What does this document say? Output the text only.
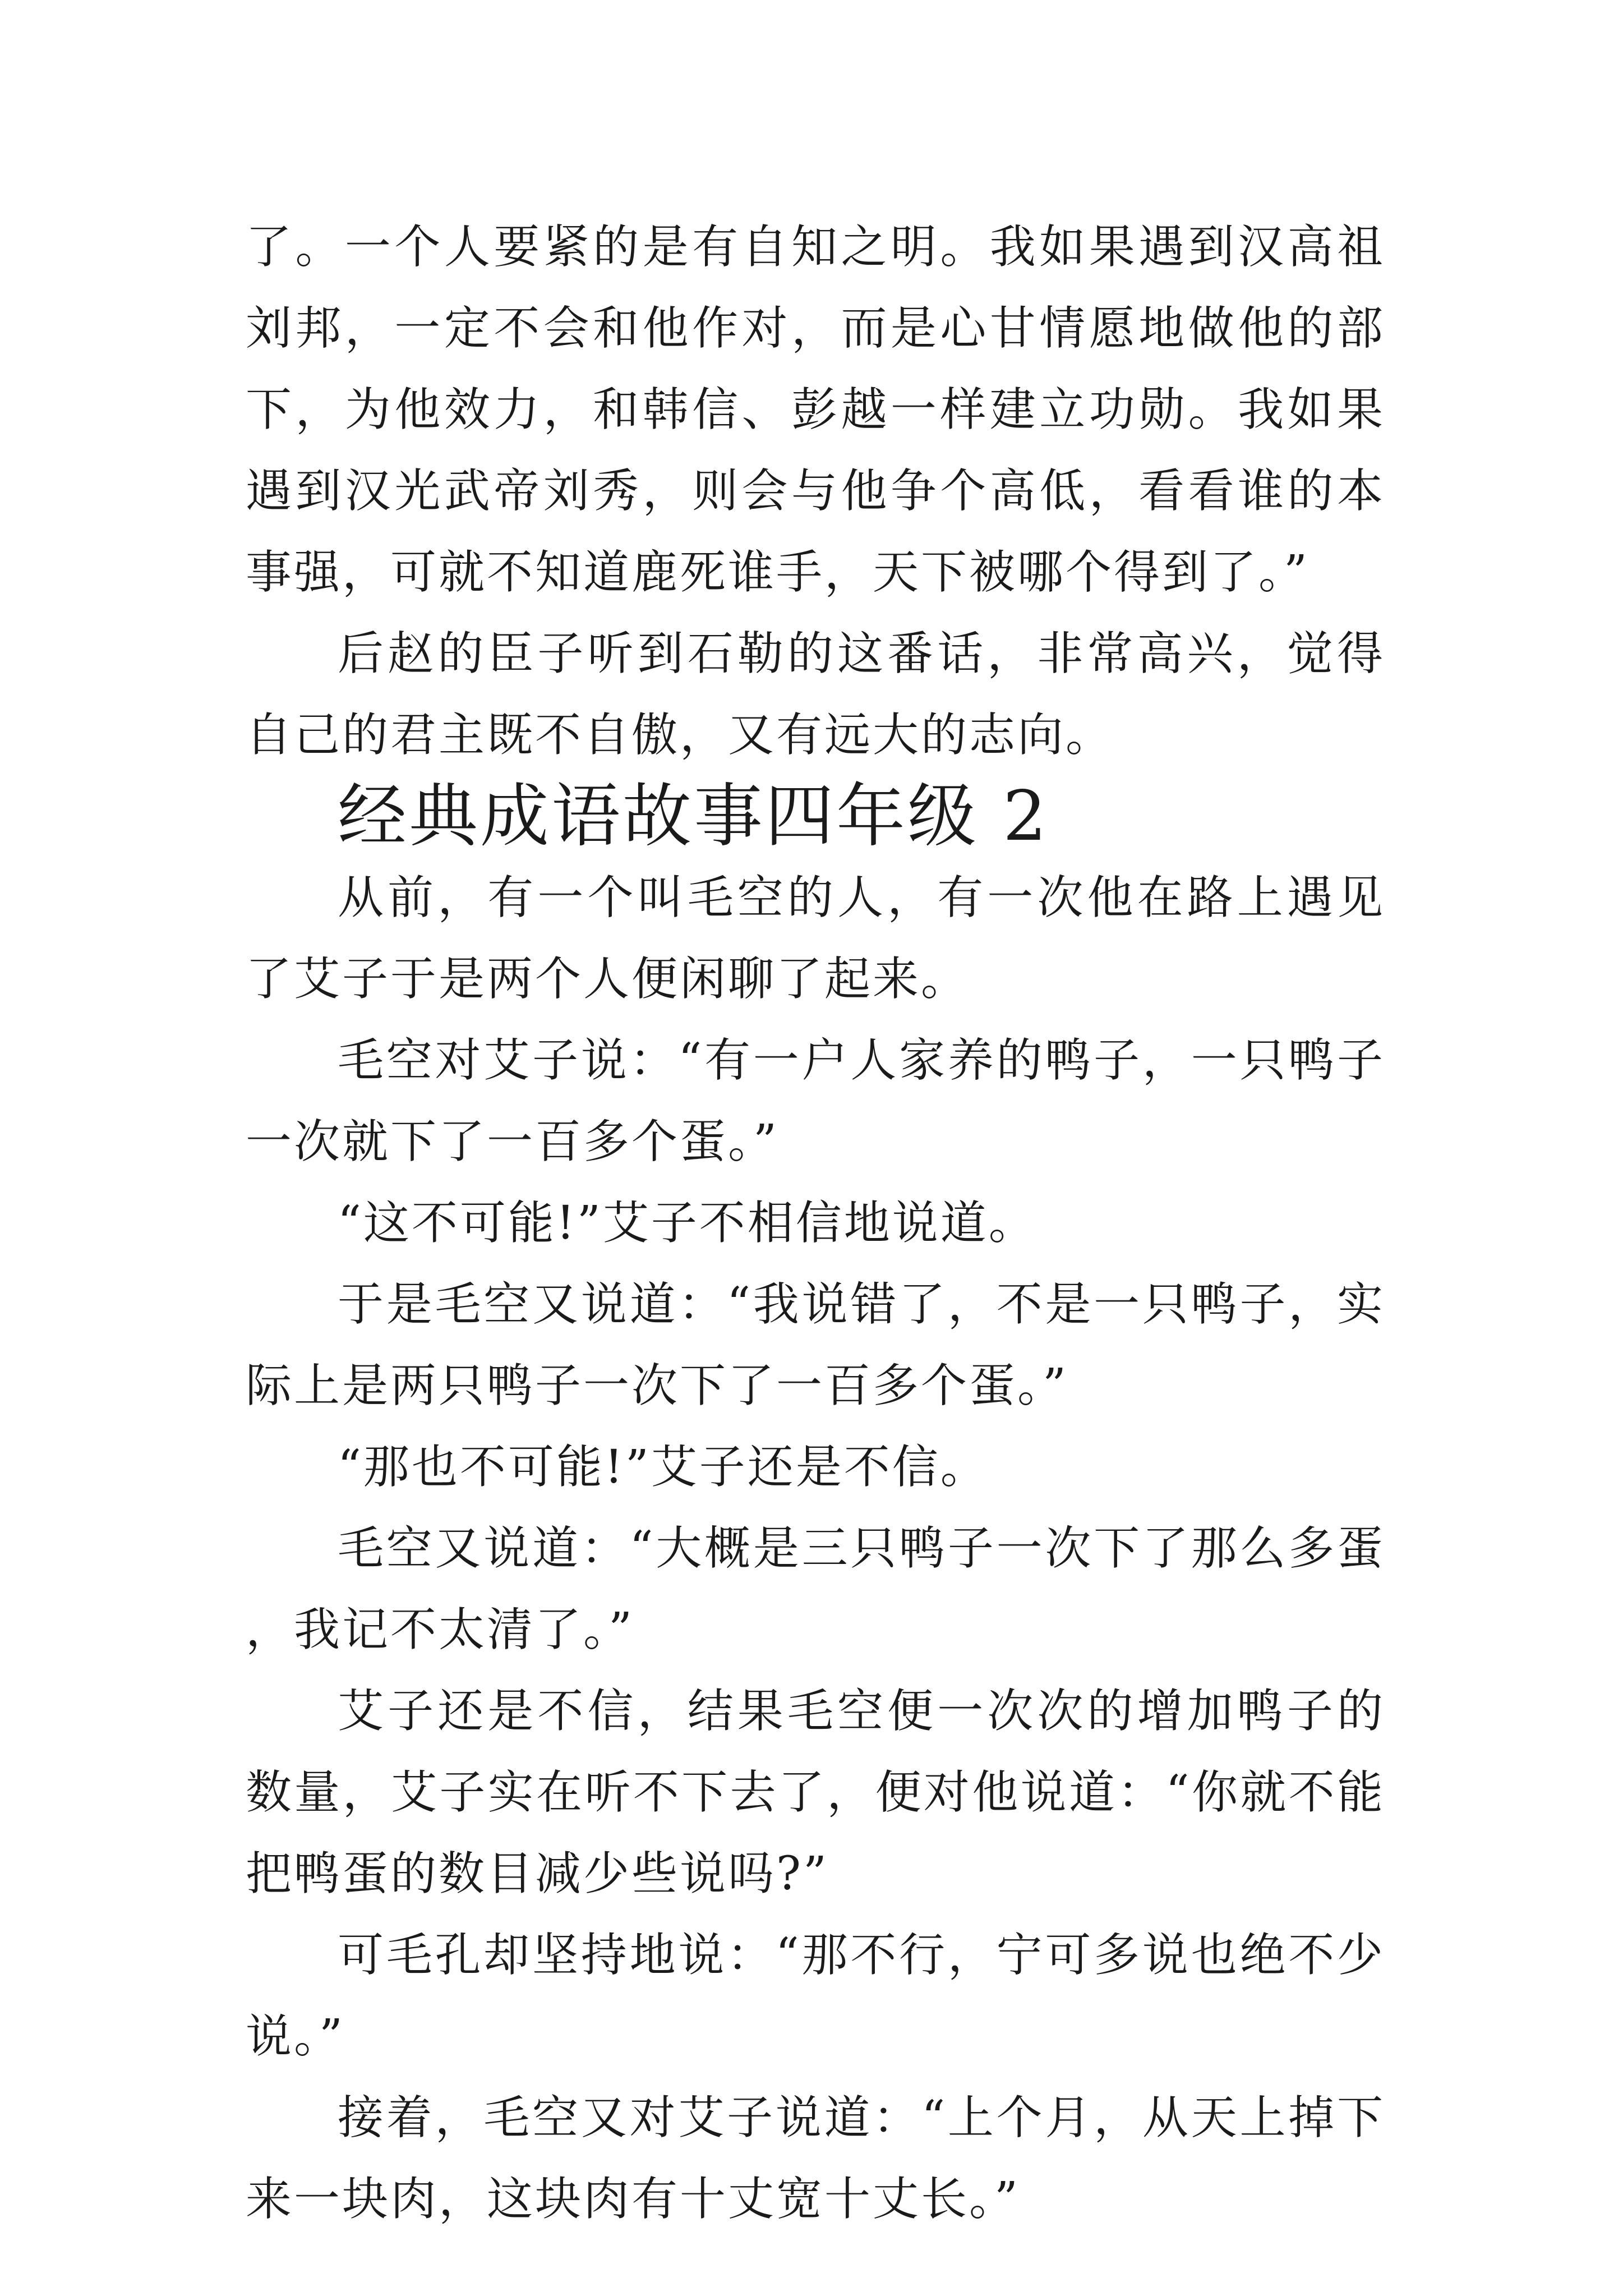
了。一个人要紧的是有自知之明。我如果遇到汉高祖刘邦，一定不会和他作对，而是心甘情愿地做他的部下，为他效力，和韩信、彭越一样建立功勋。我如果遇到汉光武帝刘秀，则会与他争个高低，看看谁的本事强，可就不知道鹿死谁手，天下被哪个得到了。”

后赵的臣子听到石勒的这番话，非常高兴，觉得自己的君主既不自傲，又有远大的志向。

经典成语故事四年级 2

从前，有一个叫毛空的人，有一次他在路上遇见了艾子于是两个人便闲聊了起来。

毛空对艾子说：“有一户人家养的鸭子，一只鸭子一次就下了一百多个蛋。”

“这不可能!”艾子不相信地说道。

于是毛空又说道：“我说错了，不是一只鸭子，实际上是两只鸭子一次下了一百多个蛋。”

“那也不可能!”艾子还是不信。

毛空又说道：“大概是三只鸭子一次下了那么多蛋，我记不太清了。”

艾子还是不信，结果毛空便一次次的增加鸭子的数量，艾子实在听不下去了，便对他说道：“你就不能把鸭蛋的数目减少些说吗?”

可毛孔却坚持地说：“那不行，宁可多说也绝不少说。”

接着，毛空又对艾子说道：“上个月，从天上掉下来一块肉，这块肉有十丈宽十丈长。”
